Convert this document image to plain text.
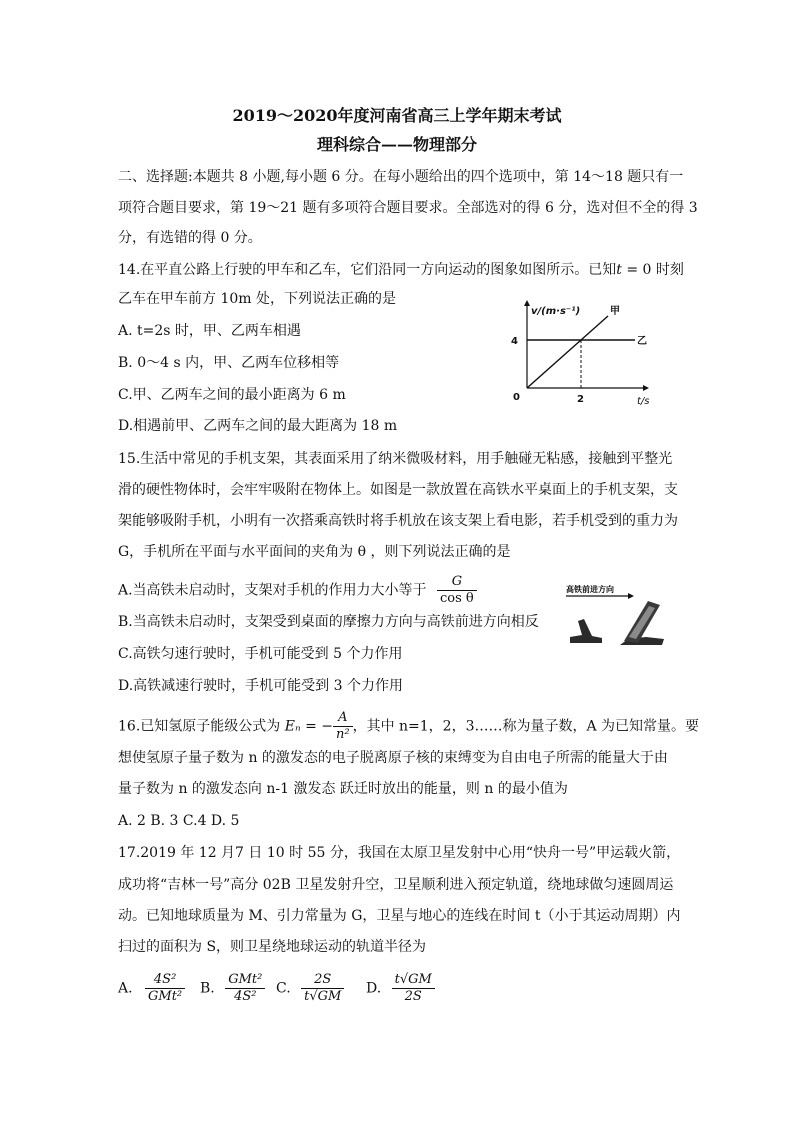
2019～2020年度河南省高三上学年期末考试
理科综合——物理部分
二、选择题:本题共 8 小题,每小题 6 分。在每小题给出的四个选项中，第 14～18 题只有一
项符合题目要求，第 19～21 题有多项符合题目要求。全部选对的得 6 分，选对但不全的得 3
分，有选错的得 0 分。
14.在平直公路上行驶的甲车和乙车，它们沿同一方向运动的图象如图所示。已知t = 0 时刻
乙车在甲车前方 10m 处，下列说法正确的是
A. t=2s 时，甲、乙两车相遇
B. 0～4 s 内，甲、乙两车位移相等
C.甲、乙两车之间的最小距离为 6 m
D.相遇前甲、乙两车之间的最大距离为 18 m
v/(m·s⁻¹)
t/s
0
4
2
甲
乙
15.生活中常见的手机支架，其表面采用了纳米微吸材料，用手触碰无粘感，接触到平整光
滑的硬性物体时，会牢牢吸附在物体上。如图是一款放置在高铁水平桌面上的手机支架，支
架能够吸附手机，小明有一次搭乘高铁时将手机放在该支架上看电影，若手机受到的重力为
G，手机所在平面与水平面间的夹角为 θ ，则下列说法正确的是
A.当高铁未启动时，支架对手机的作用力大小等于 $\frac{G}{\text{cos θ}}$
B.当高铁未启动时，支架受到桌面的摩擦力方向与高铁前进方向相反
C.高铁匀速行驶时，手机可能受到 5 个力作用
D.高铁减速行驶时，手机可能受到 3 个力作用
高铁前进方向
θ
16.已知氢原子能级公式为 Eₙ = − $\frac{A}{\text{n²}}$ ，其中 n=1，2，3……称为量子数，A 为已知常量。要
想使氢原子量子数为 n 的激发态的电子脱离原子核的束缚变为自由电子所需的能量大于由
量子数为 n 的激发态向 n-1 激发态 跃迁时放出的能量，则 n 的最小值为
A. 2 B. 3 C.4 D. 5
17.2019 年 12 月7 日 10 时 55 分，我国在太原卫星发射中心用“快舟一号”甲运载火箭，
成功将“吉林一号”高分 02B 卫星发射升空，卫星顺利进入预定轨道，绕地球做匀速圆周运
动。已知地球质量为 M、引力常量为 G，卫星与地心的连线在时间 t（小于其运动周期）内
扫过的面积为 S，则卫星绕地球运动的轨道半径为
A. $\frac{\text{4S²}}{\text{GMt²}} B$. $\frac{\text{GMt²}}{\text{4S²}} C$. $\frac{2S}{t√GM} D$. $\frac{t√GM}{2S}$
